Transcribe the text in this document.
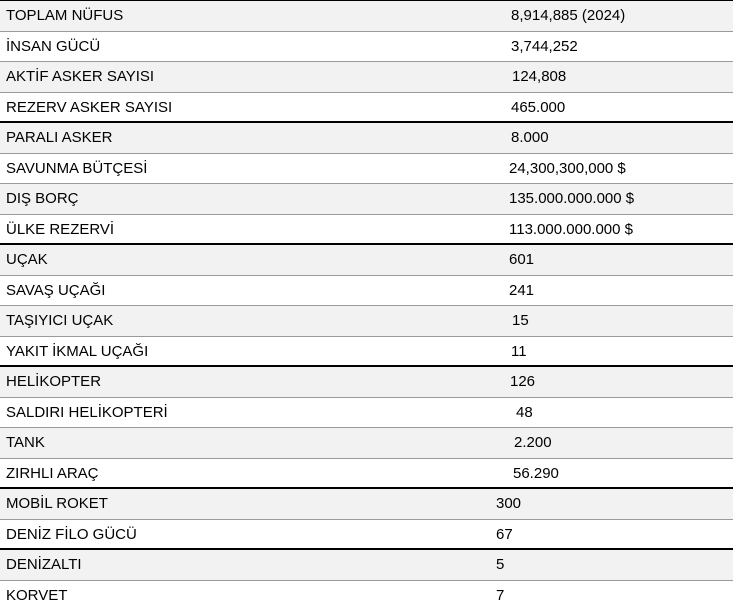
TOPLAM NÜFUS	8,914,885 (2024)
İNSAN GÜCÜ	3,744,252
AKTİF ASKER SAYISI	124,808
REZERV ASKER SAYISI	465.000
PARALI ASKER	8.000
SAVUNMA BÜTÇESİ	24,300,300,000 $
DIŞ BORÇ	135.000.000.000 $
ÜLKE REZERVİ	113.000.000.000 $
UÇAK	601
SAVAŞ UÇAĞI	241
TAŞIYICI UÇAK	15
YAKIT İKMAL UÇAĞI	11
HELİKOPTER	126
SALDIRI HELİKOPTERİ	48
TANK	2.200
ZIRHLI ARAÇ	56.290
MOBİL ROKET	300
DENİZ FİLO GÜCÜ	67
DENİZALTI	5
KORVET	7
